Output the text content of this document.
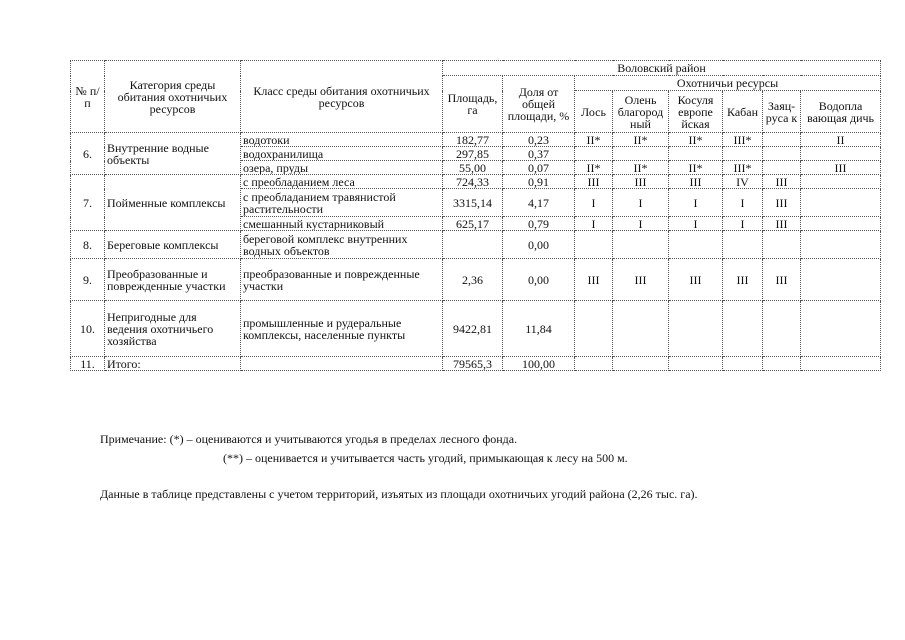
№ п/п	Категория среды обитания охотничьих ресурсов	Класс среды обитания охотничьих ресурсов	Воловский район							
			Площадь, га	Доля от общей площади, %	Охотничьи ресурсы					
					Лось	Олень благород ный	Косуля европе йская	Кабан	Заяц-руса к	Водопла вающая дичь
6.	Внутренние водные объекты	водотоки	182,77	0,23	II*	II*	II*	III*		II
		водохранилища	297,85	0,37						
		озера, пруды	55,00	0,07	II*	II*	II*	III*		III
7.	Пойменные комплексы	с преобладанием леса	724,33	0,91	III	III	III	IV	III	
		с преобладанием травянистой растительности	3315,14	4,17	I	I	I	I	III	
		смешанный кустарниковый	625,17	0,79	I	I	I	I	III	
8.	Береговые комплексы	береговой комплекс внутренних водных объектов		0,00						
9.	Преобразованные и поврежденные участки	преобразованные и поврежденные участки	2,36	0,00	III	III	III	III	III	
10.	Непригодные для ведения охотничьего хозяйства	промышленные и рудеральные комплексы, населенные пункты	9422,81	11,84						
11.	Итого:		79565,3	100,00						
Примечание: (*) – оцениваются и учитываются угодья в пределах лесного фонда.
(**) – оценивается и учитывается часть угодий, примыкающая к лесу на 500 м.
Данные в таблице представлены с учетом территорий, изъятых из площади охотничьих угодий района (2,26 тыс. га).
